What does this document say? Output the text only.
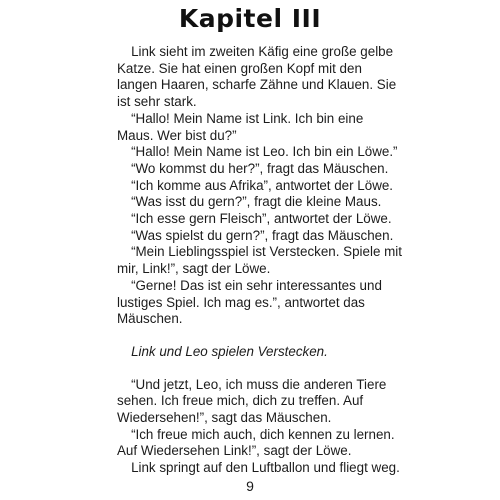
Kapitel III

Link sieht im zweiten Käfig eine große gelbe Katze. Sie hat einen großen Kopf mit den langen Haaren, scharfe Zähne und Klauen. Sie ist sehr stark.

“Hallo! Mein Name ist Link. Ich bin eine Maus. Wer bist du?”

“Hallo! Mein Name ist Leo. Ich bin ein Löwe.”

“Wo kommst du her?”, fragt das Mäuschen.

“Ich komme aus Afrika”, antwortet der Löwe.

“Was isst du gern?”, fragt die kleine Maus.

“Ich esse gern Fleisch”, antwortet der Löwe.

“Was spielst du gern?”, fragt das Mäuschen.

“Mein Lieblingsspiel ist Verstecken. Spiele mit mir, Link!”, sagt der Löwe.

“Gerne! Das ist ein sehr interessantes und lustiges Spiel. Ich mag es.”, antwortet das Mäuschen.

Link und Leo spielen Verstecken.

“Und jetzt, Leo, ich muss die anderen Tiere sehen. Ich freue mich, dich zu treffen. Auf Wiedersehen!”, sagt das Mäuschen.

“Ich freue mich auch, dich kennen zu lernen. Auf Wiedersehen Link!”, sagt der Löwe.

Link springt auf den Luftballon und fliegt weg.

9
